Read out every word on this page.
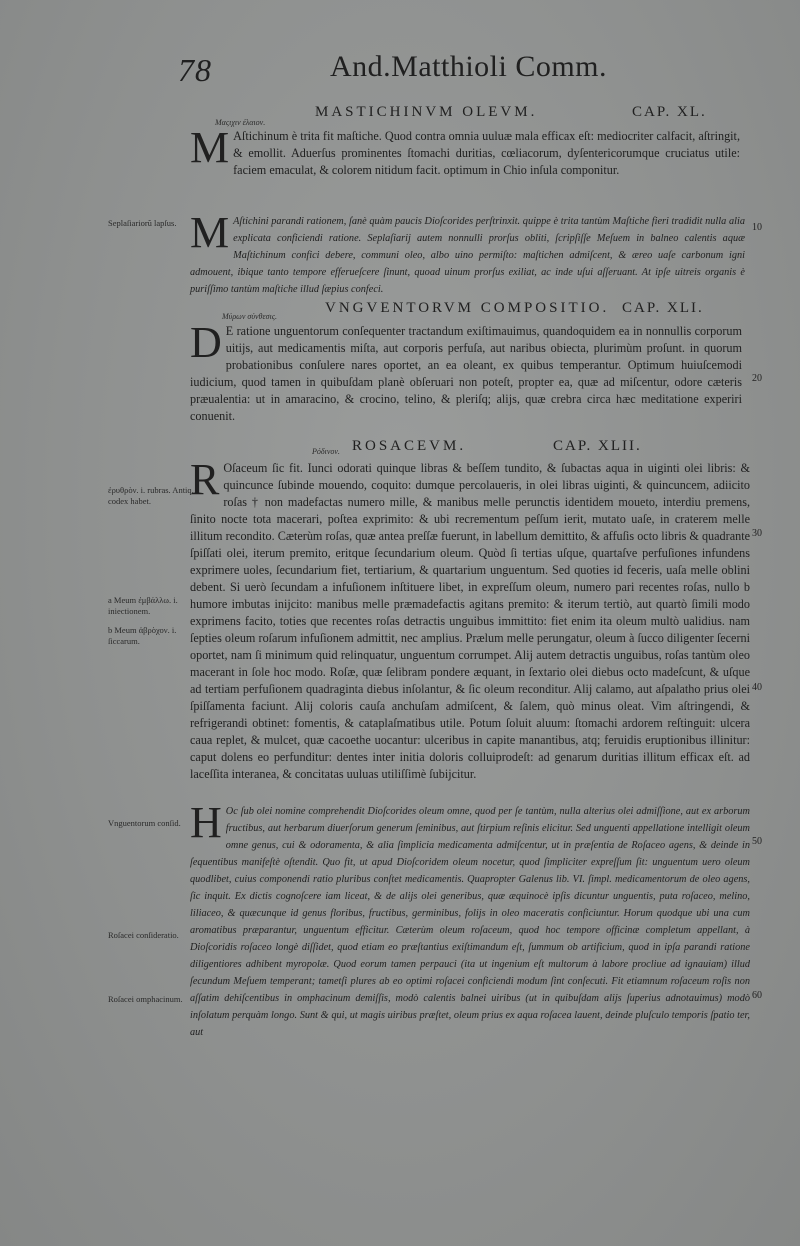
78	And.Matthioli Comm.
Μαςιχιν έλαιον.
MASTICHINVM OLEVM.	CAP. XL.
M Aſtichinum è trita fit maſtiche. Quod contra omnia uuluæ mala efficax eſt: mediocriter calfacit, aſtringit, & emollit. Aduerſus prominentes ſtomachi duritias, cœliacorum, dyſentericorumque cruciatus utile: faciem emaculat, & colorem nitidum facit. optimum in Chio inſula componitur.
Seplaſiariorũ lapſus. M Aſtichini parandi rationem, ſanè quàm paucis Dioſcorides perſtrinxit. quippe è trita tantùm Maſtiche fieri tradidit nulla alia explicata conficiendi ratione. Seplaſiarij autem nonnulli prorſus obliti, ſcripſiſſe Meſuem in balneo calentis aquæ Maſtichinum confici debere, communi oleo, albo uino permiſto: maſtichen admiſcent, & æreo uaſe carbonum igni admouent, ibique tanto tempore efferueſcere ſinunt, quoad uinum prorſus exiliat, ac inde uſui aſſeruant. At ipſe uitreis organis è puriſſimo tantùm maſtiche illud ſæpius confeci.
10
Μύρων σύνθεσις.
VNGVENTORVM COMPOSITIO. CAP. XLI.
D E ratione unguentorum conſequenter tractandum exiſtimauimus, quandoquidem ea in nonnullis corporum uitijs, aut medicamentis miſta, aut corporis perfuſa, aut naribus obiecta, plurimùm proſunt. in quorum probationibus conſulere nares oportet, an ea oleant, ex quibus temperantur. Optimum huiuſcemodi iudicium, quod tamen in quibuſdam planè obſeruari non poteſt, propter ea, quæ ad miſcentur, odore cæteris præualentia: ut in amaracino, & crocino, telino, & pleriſq; alijs, quæ crebra circa hæc meditatione experiri conuenit.
20
Ρόδινον. ROSACEVM.	CAP. XLII.
ἐρυθρὸν. i. rubras. Antiq. codex habet.
a Meum ἐμβάλλω. i. iniectionem.
b Meum ἀβρὸχον. i. ſiccarum.
R Oſaceum ſic fit. Iunci odorati quinque libras & beſſem tundito, & ſubactas aqua in uiginti olei libris: & quincunce ſubinde mouendo, coquito: dumque percolaueris, in olei libras uiginti, & quincuncem, adiicito roſas † non madefactas numero mille, & manibus melle perunctis identidem moueto, interdiu premens, ſinito nocte tota macerari, poſtea exprimito: & ubi recrementum peſſum ierit, mutato uaſe, in craterem melle illitum recondito. Cæterùm roſas, quæ antea preſſæ fuerunt, in labellum demittito, & affuſis octo libris & quadrante ſpiſſati olei, iterum premito, eritque ſecundarium oleum. Quòd ſi tertias uſque, quartaſve perfuſiones infundens exprimere uoles, ſecundarium fiet, tertiarium, & quartarium unguentum. Sed quoties id feceris, uaſa melle oblini debent. Si uerò ſecundam a infuſionem inſtituere libet, in expreſſum oleum, numero pari recentes roſas, nullo b humore imbutas inijcito: manibus melle præmadefactis agitans premito: & iterum tertiò, aut quartò ſimili modo exprimens facito, toties que recentes roſas detractis unguibus immittito: fiet enim ita oleum multò ualidius. nam ſepties oleum roſarum infuſionem admittit, nec amplius. Prælum melle perungatur, oleum à ſucco diligenter ſecerni oportet, nam ſi minimum quid relinquatur, unguentum corrumpet. Alij autem detractis unguibus, roſas tantùm oleo macerant in ſole hoc modo. Roſæ, quæ ſelibram pondere æquant, in ſextario olei diebus octo madeſcunt, & uſque ad tertiam perfuſionem quadraginta diebus inſolantur, & ſic oleum reconditur. Alij calamo, aut aſpalatho prius olei ſpiſſamenta faciunt. Alij coloris cauſa anchuſam admiſcent, & ſalem, quò minus oleat. Vim aſtringendi, & refrigerandi obtinet: fomentis, & cataplaſmatibus utile. Potum ſoluit aluum: ſtomachi ardorem reſtinguit: ulcera caua replet, & mulcet, quæ cacoethe uocantur: ulceribus in capite manantibus, atq; feruidis eruptionibus illinitur: caput dolens eo perfunditur: dentes inter initia doloris colluiprodeſt: ad genarum duritias illitum efficax eſt. ad laceſſita interanea, & concitatas uuluas utiliſſimè ſubijcitur.
30
40
Vnguentorum conſid.
Roſacei conſideratio.
Roſacei omphacinum.
H Oc ſub olei nomine comprehendit Dioſcorides oleum omne, quod per ſe tantùm, nulla alterius olei admiſſione, aut ex arborum fructibus, aut herbarum diuerſorum generum ſeminibus, aut ſtirpium reſinis elicitur. Sed unguenti appellatione intelligit oleum omne genus, cui & odoramenta, & alia ſimplicia medicamenta admiſcentur, ut in præſentia de Roſaceo agens, & deinde in ſequentibus manifeſtè oſtendit. Quo fit, ut apud Dioſcoridem oleum nocetur, quod ſimpliciter expreſſum ſit: unguentum uero oleum quodlibet, cuius componendi ratio pluribus conſtet medicamentis. Quapropter Galenus lib. VI. ſimpl. medicamentorum de oleo agens, ſic inquit. Ex dictis cognoſcere iam liceat, & de alijs olei generibus, quæ æquinocè ipſis dicuntur unguentis, puta roſaceo, melino, liliaceo, & quæcunque id genus floribus, fructibus, germinibus, folijs in oleo maceratis conficiuntur. Horum quodque ubi una cum aromatibus præparantur, unguentum efficitur. Cæterùm oleum roſaceum, quod hoc tempore officinæ completum appellant, à Dioſcoridis roſaceo longè diſſidet, quod etiam eo præſtantius exiſtimandum eſt, ſummum ob artificium, quod in ipſa parandi ratione diligentiores adhibent myropolæ. Quod eorum tamen perpauci (ita ut ingenium eſt multorum à labore procliue ad ignauiam) illud ſecundum Meſuem temperant; tametſi plures ab eo optimi roſacei conficiendi modum ſint conſecuti. Fit etiamnum roſaceum roſis non aſſatim dehiſcentibus in omphacinum demiſſis, modò calentis balnei uiribus (ut in quibuſdam alijs ſuperius adnotauimus) modò inſolatum perquàm longo. Sunt & qui, ut magis uiribus præſtet, oleum prius ex aqua roſacea lauent, deinde pluſculo temporis ſpatio ter, aut
50
60
